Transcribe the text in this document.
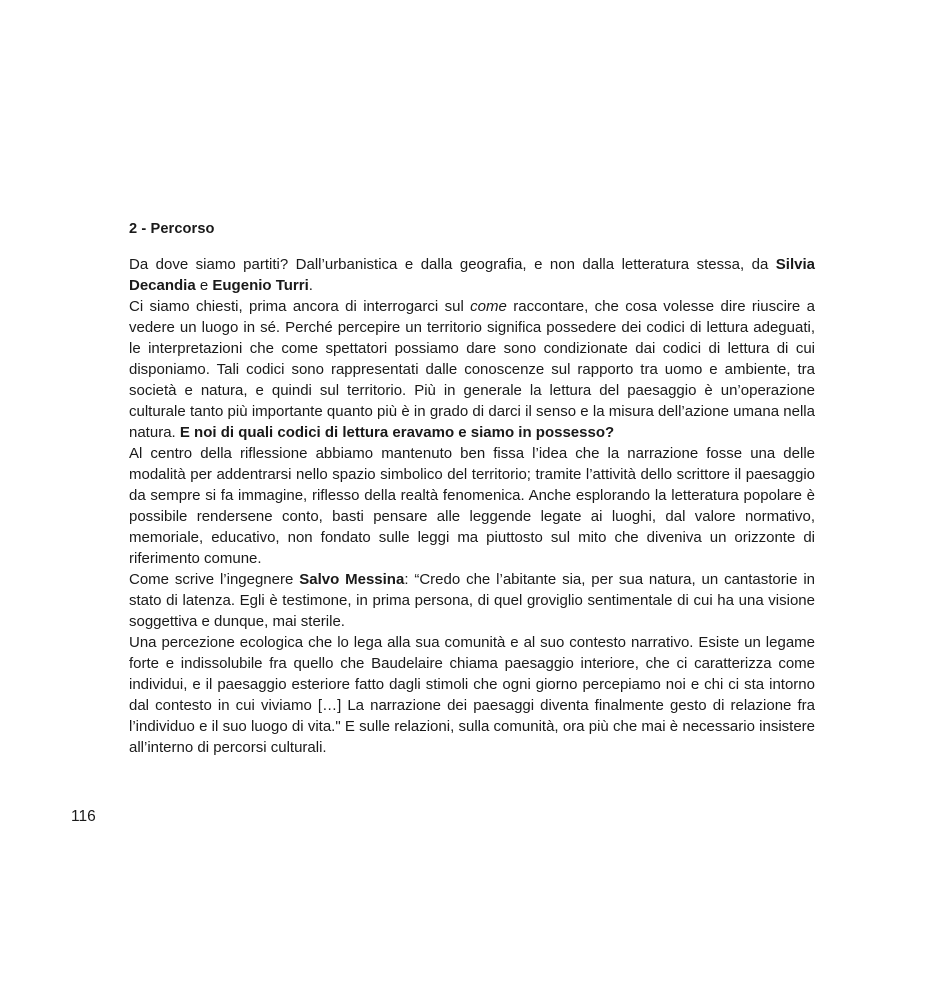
2 - Percorso

Da dove siamo partiti? Dall’urbanistica e dalla geografia, e non dalla letteratura stessa, da Silvia Decandia e Eugenio Turri.

Ci siamo chiesti, prima ancora di interrogarci sul come raccontare, che cosa volesse dire riuscire a vedere un luogo in sé. Perché percepire un territorio significa possedere dei codici di lettura adeguati, le interpretazioni che come spettatori possiamo dare sono condizionate dai codici di lettura di cui disponiamo. Tali codici sono rappresentati dalle conoscenze sul rapporto tra uomo e ambiente, tra società e natura, e quindi sul territorio. Più in generale la lettura del paesaggio è un’operazione culturale tanto più importante quanto più è in grado di darci il senso e la misura dell’azione umana nella natura. E noi di quali codici di lettura eravamo e siamo in possesso?

Al centro della riflessione abbiamo mantenuto ben fissa l’idea che la narrazione fosse una delle modalità per addentrarsi nello spazio simbolico del territorio; tramite l’attività dello scrittore il paesaggio da sempre si fa immagine, riflesso della realtà fenomenica. Anche esplorando la letteratura popolare è possibile rendersene conto, basti pensare alle leggende legate ai luoghi, dal valore normativo, memoriale, educativo, non fondato sulle leggi ma piuttosto sul mito che diveniva un orizzonte di riferimento comune.

Come scrive l’ingegnere Salvo Messina: “Credo che l’abitante sia, per sua natura, un cantastorie in stato di latenza. Egli è testimone, in prima persona, di quel groviglio sentimentale di cui ha una visione soggettiva e dunque, mai sterile.

Una percezione ecologica che lo lega alla sua comunità e al suo contesto narrativo. Esiste un legame forte e indissolubile fra quello che Baudelaire chiama paesaggio interiore, che ci caratterizza come individui, e il paesaggio esteriore fatto dagli stimoli che ogni giorno percepiamo noi e chi ci sta intorno dal contesto in cui viviamo […] La narrazione dei paesaggi diventa finalmente gesto di relazione fra l’individuo e il suo luogo di vita." E sulle relazioni, sulla comunità, ora più che mai è necessario insistere all’interno di percorsi culturali.

116
